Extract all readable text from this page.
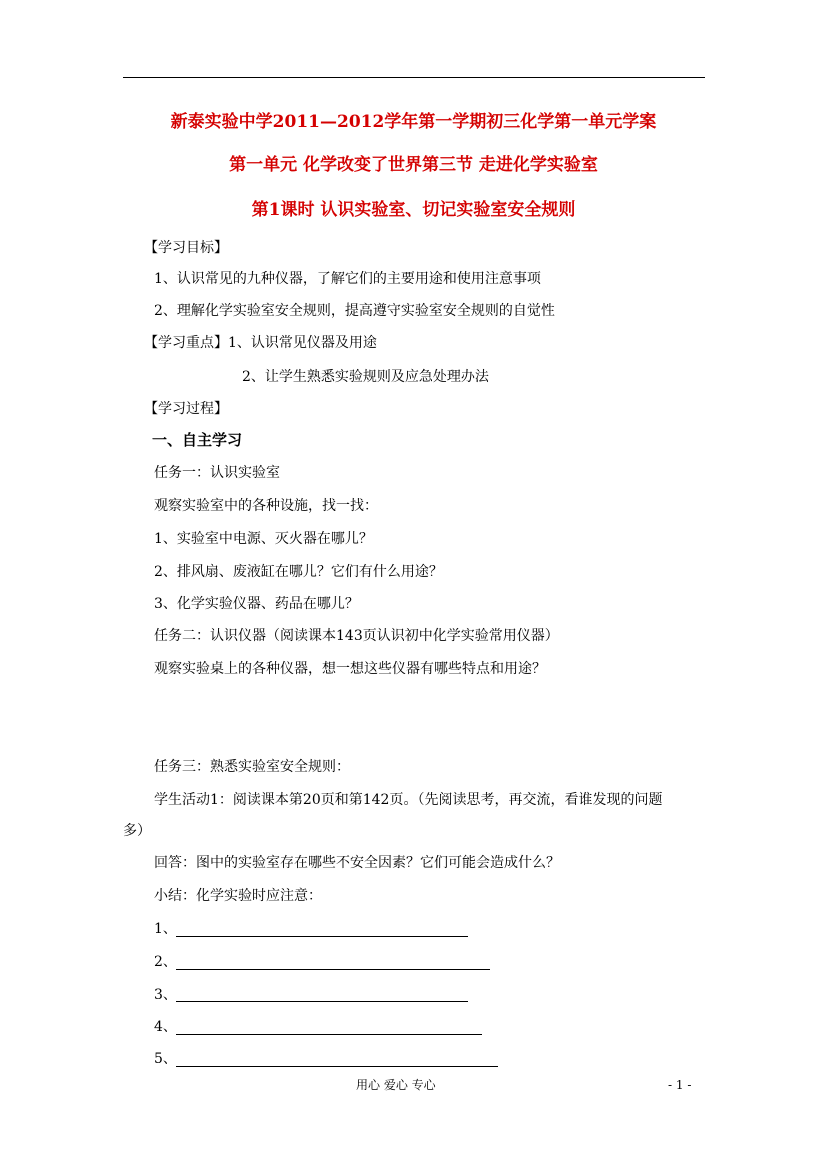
新泰实验中学2011—2012学年第一学期初三化学第一单元学案
第一单元 化学改变了世界第三节 走进化学实验室
第1课时 认识实验室、切记实验室安全规则
【学习目标】
1、认识常见的九种仪器，了解它们的主要用途和使用注意事项
2、理解化学实验室安全规则，提高遵守实验室安全规则的自觉性
【学习重点】1、认识常见仪器及用途
2、让学生熟悉实验规则及应急处理办法
【学习过程】
一、自主学习
任务一：认识实验室
观察实验室中的各种设施，找一找：
1、实验室中电源、灭火器在哪儿？
2、排风扇、废液缸在哪儿？它们有什么用途？
3、化学实验仪器、药品在哪儿？
任务二：认识仪器（阅读课本143页认识初中化学实验常用仪器）
观察实验桌上的各种仪器，想一想这些仪器有哪些特点和用途？
任务三：熟悉实验室安全规则：
学生活动1：阅读课本第20页和第142页。（先阅读思考，再交流，看谁发现的问题
多）
回答：图中的实验室存在哪些不安全因素？它们可能会造成什么？
小结：化学实验时应注意：
1、
2、
3、
4、
5、
用心 爱心 专心	- 1 -
